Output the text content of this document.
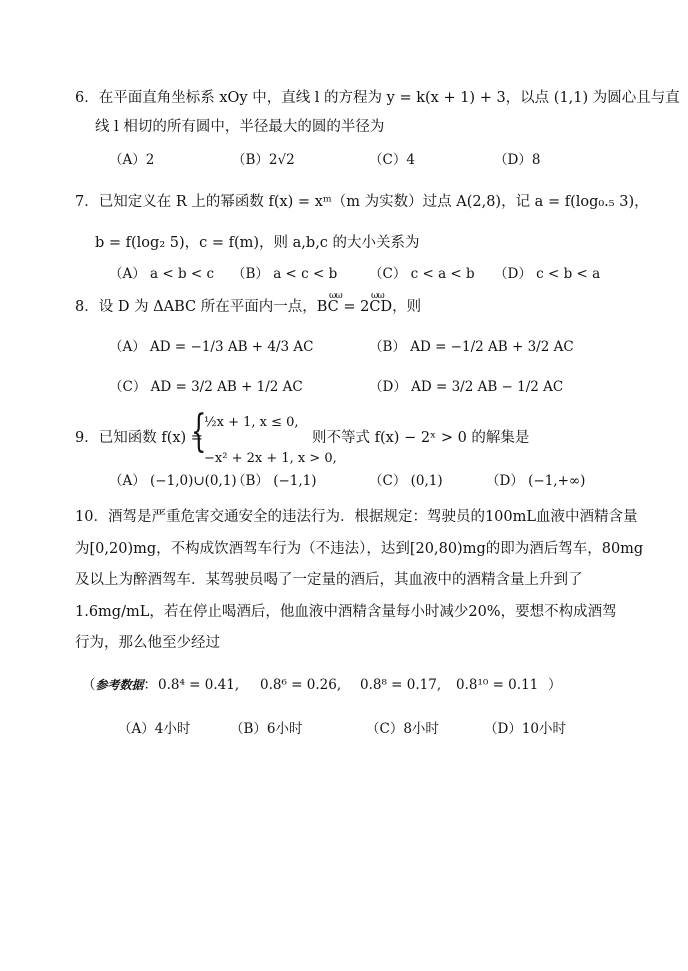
6．在平面直角坐标系 xOy 中，直线 l 的方程为 y = k(x + 1) + 3，以点 (1,1) 为圆心且与直
线 l 相切的所有圆中，半径最大的圆的半径为
（A）2	（B）2√2	（C）4	（D）8
7．已知定义在 R 上的幂函数 f(x) = xᵐ（m 为实数）过点 A(2,8)，记 a = f(log₀.₅ 3)，
b = f(log₂ 5)，c = f(m)，则 a,b,c 的大小关系为
（A） a < b < c （B） a < c < b （C） c < a < b （D） c < b < a
ωω	ωω
8．设 D 为 ΔABC 所在平面内一点，BC = 2CD，则
（A） AD = −1/3 AB + 4/3 AC	（B） AD = −1/2 AB + 3/2 AC
（C） AD = 3/2 AB + 1/2 AC	（D） AD = 3/2 AB − 1/2 AC
9．已知函数 f(x) =
{
½x + 1, x ≤ 0,
−x² + 2x + 1, x > 0,
则不等式 f(x) − 2ˣ > 0 的解集是
（A） (−1,0)∪(0,1)
（B） (−1,1)	（C） (0,1)	（D） (−1,+∞)
10．酒驾是严重危害交通安全的违法行为．根据规定：驾驶员的100mL血液中酒精含量
为[0,20)mg，不构成饮酒驾车行为（不违法），达到[20,80)mg的即为酒后驾车，80mg
及以上为醉酒驾车．某驾驶员喝了一定量的酒后，其血液中的酒精含量上升到了
1.6mg/mL，若在停止喝酒后，他血液中酒精含量每小时减少20%，要想不构成酒驾
行为，那么他至少经过
（参考数据： 0.8⁴ = 0.41, 0.8⁶ = 0.26, 0.8⁸ = 0.17, 0.8¹⁰ = 0.11 ）
（A）4小时	（B）6小时	（C）8小时	（D）10小时
